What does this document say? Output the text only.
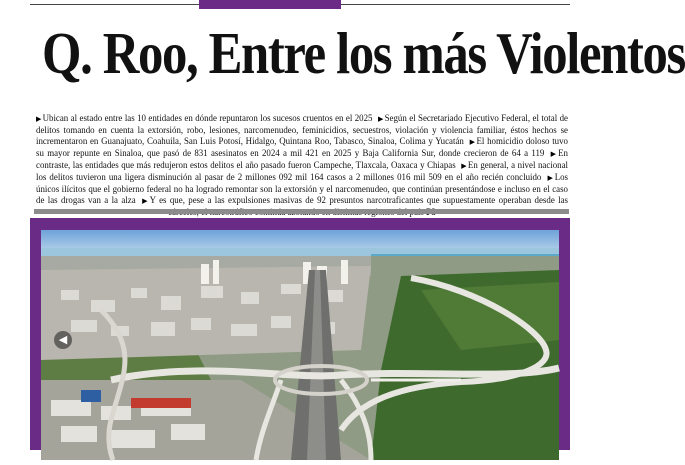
Q. Roo, Entre los más Violentos

▶Ubican al estado entre las 10 entidades en dónde repuntaron los sucesos cruentos en el 2025 ▶Según el Secretariado Ejecutivo Federal, el total de delitos tomando en cuenta la extorsión, robo, lesiones, narcomenudeo, feminicidios, secuestros, violación y violencia familiar, éstos hechos se incrementaron en Guanajuato, Coahuila, San Luis Potosí, Hidalgo, Quintana Roo, Tabasco, Sinaloa, Colima y Yucatán ▶El homicidio doloso tuvo su mayor repunte en Sinaloa, que pasó de 831 asesinatos en 2024 a mil 421 en 2025 y Baja California Sur, donde crecieron de 64 a 119 ▶En contraste, las entidades que más redujeron estos delitos el año pasado fueron Campeche, Tlaxcala, Oaxaca y Chiapas ▶En general, a nivel nacional los delitos tuvieron una ligera disminución al pasar de 2 millones 092 mil 164 casos a 2 millones 016 mil 509 en el año recién concluido ▶Los únicos ilícitos que el gobierno federal no ha logrado remontar son la extorsión y el narcomenudeo, que continúan presentándose e incluso en el caso de las drogas van a la alza ▶Y es que, pese a las expulsiones masivas de 92 presuntos narcotraficantes que supuestamente operaban desde las

◀
